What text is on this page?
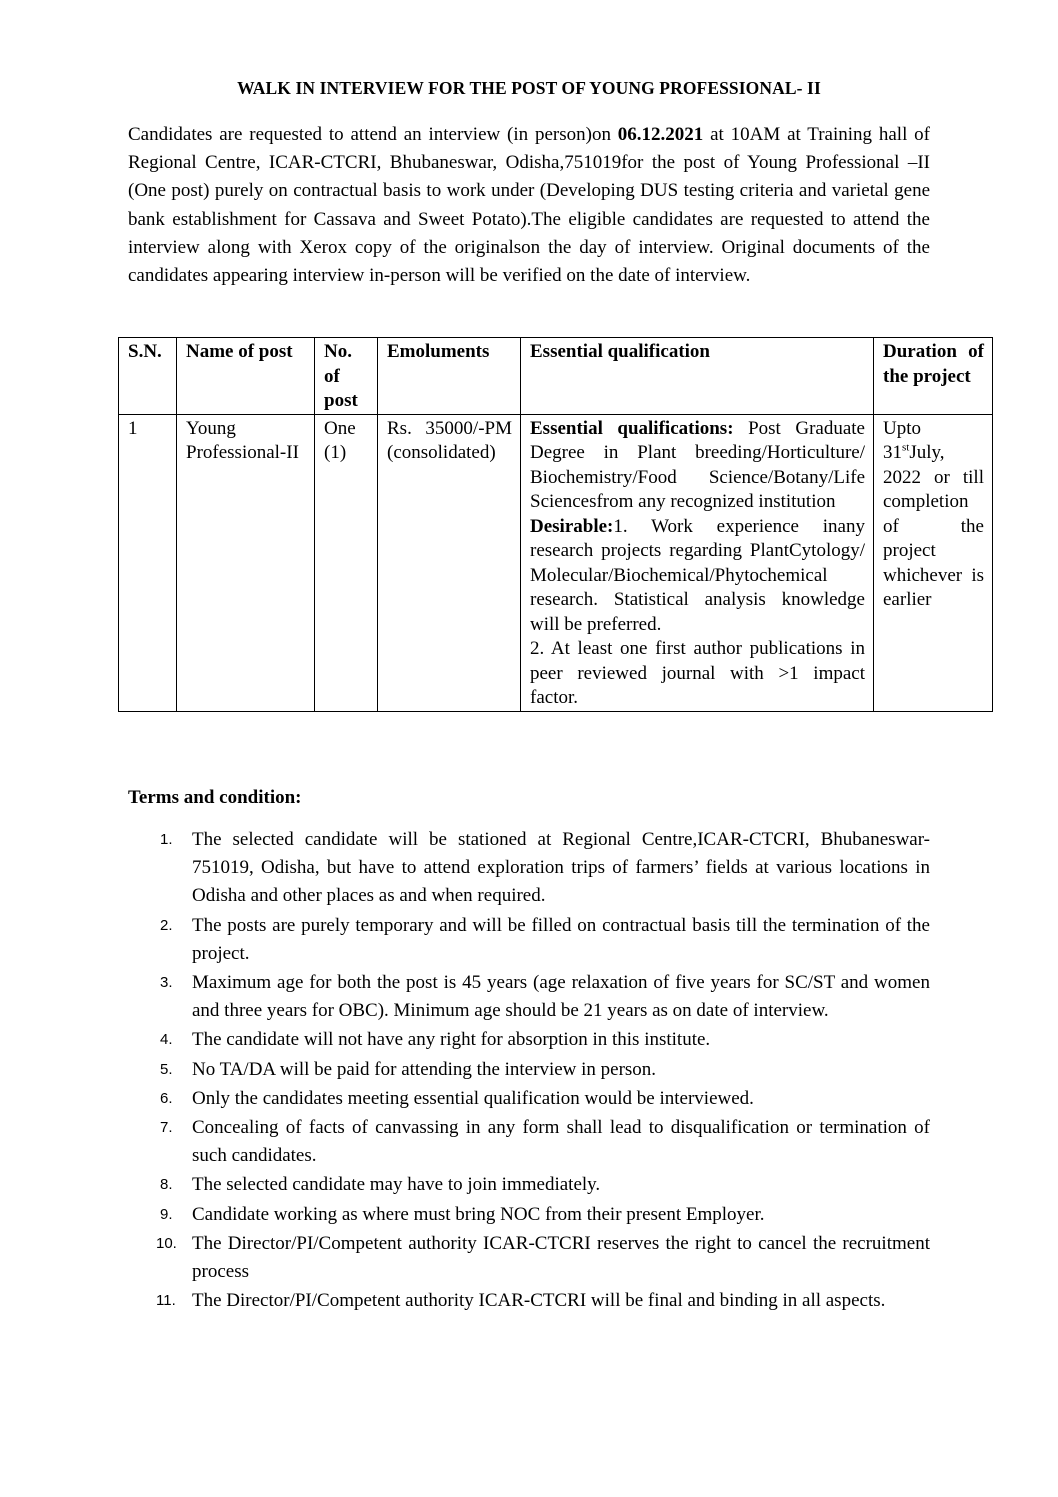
WALK IN INTERVIEW FOR THE POST OF YOUNG PROFESSIONAL- II

Candidates are requested to attend an interview (in person)on 06.12.2021 at 10AM at Training hall of Regional Centre, ICAR-CTCRI, Bhubaneswar, Odisha,751019for the post of Young Professional –II (One post) purely on contractual basis to work under (Developing DUS testing criteria and varietal gene bank establishment for Cassava and Sweet Potato).The eligible candidates are requested to attend the interview along with Xerox copy of the originalson the day of interview. Original documents of the candidates appearing interview in-person will be verified on the date of interview.

S.N.	Name of post	No. of post	Emoluments	Essential qualification	Duration of the project
1	Young Professional-II	One (1)	Rs. 35000/-PM (consolidated)	Essential qualifications: Post Graduate Degree in Plant breeding/Horticulture/ Biochemistry/Food Science/Botany/Life Sciencesfrom any recognized institution
Desirable:1. Work experience inany research projects regarding PlantCytology/ Molecular/Biochemical/Phytochemical research. Statistical analysis knowledge will be preferred.
2. At least one first author publications in peer reviewed journal with >1 impact factor.	Upto 31stJuly, 2022 or till completion of the project whichever is earlier
Terms and condition:
1. The selected candidate will be stationed at Regional Centre,ICAR-CTCRI, Bhubaneswar-751019, Odisha, but have to attend exploration trips of farmers’ fields at various locations in Odisha and other places as and when required.
2. The posts are purely temporary and will be filled on contractual basis till the termination of the project.
3. Maximum age for both the post is 45 years (age relaxation of five years for SC/ST and women and three years for OBC). Minimum age should be 21 years as on date of interview.
4. The candidate will not have any right for absorption in this institute.
5. No TA/DA will be paid for attending the interview in person.
6. Only the candidates meeting essential qualification would be interviewed.
7. Concealing of facts of canvassing in any form shall lead to disqualification or termination of such candidates.
8. The selected candidate may have to join immediately.
9. Candidate working as where must bring NOC from their present Employer.
10. The Director/PI/Competent authority ICAR-CTCRI reserves the right to cancel the recruitment process
11. The Director/PI/Competent authority ICAR-CTCRI will be final and binding in all aspects.
